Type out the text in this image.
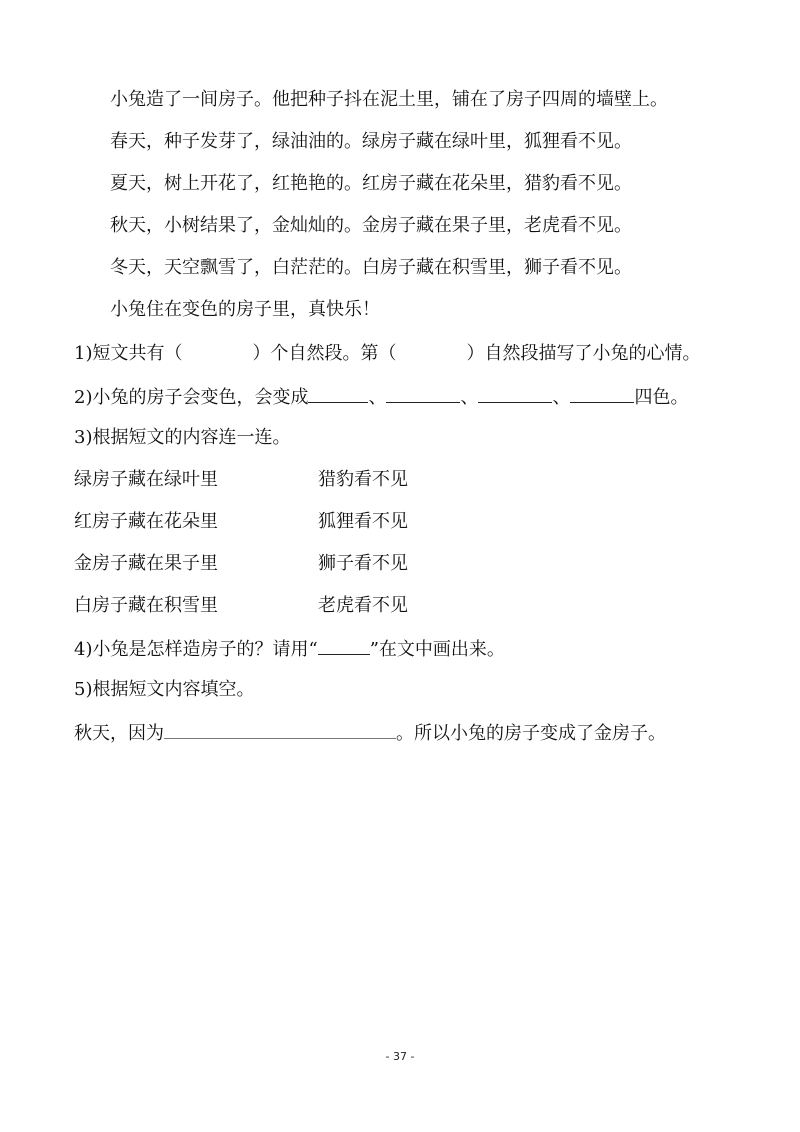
小兔造了一间房子。他把种子抖在泥土里，铺在了房子四周的墙壁上。
春天，种子发芽了，绿油油的。绿房子藏在绿叶里，狐狸看不见。
夏天，树上开花了，红艳艳的。红房子藏在花朵里，猎豹看不见。
秋天，小树结果了，金灿灿的。金房子藏在果子里，老虎看不见。
冬天，天空飘雪了，白茫茫的。白房子藏在积雪里，狮子看不见。
小兔住在变色的房子里，真快乐！
1)短文共有（	）个自然段。第（	）自然段描写了小兔的心情。
2)小兔的房子会变色，会变成	、	、	、	四色。
3)根据短文的内容连一连。
绿房子藏在绿叶里	猎豹看不见
红房子藏在花朵里	狐狸看不见
金房子藏在果子里	狮子看不见
白房子藏在积雪里	老虎看不见
4)小兔是怎样造房子的？请用“	”在文中画出来。
5)根据短文内容填空。
秋天，因为	。所以小兔的房子变成了金房子。
- 37 -
